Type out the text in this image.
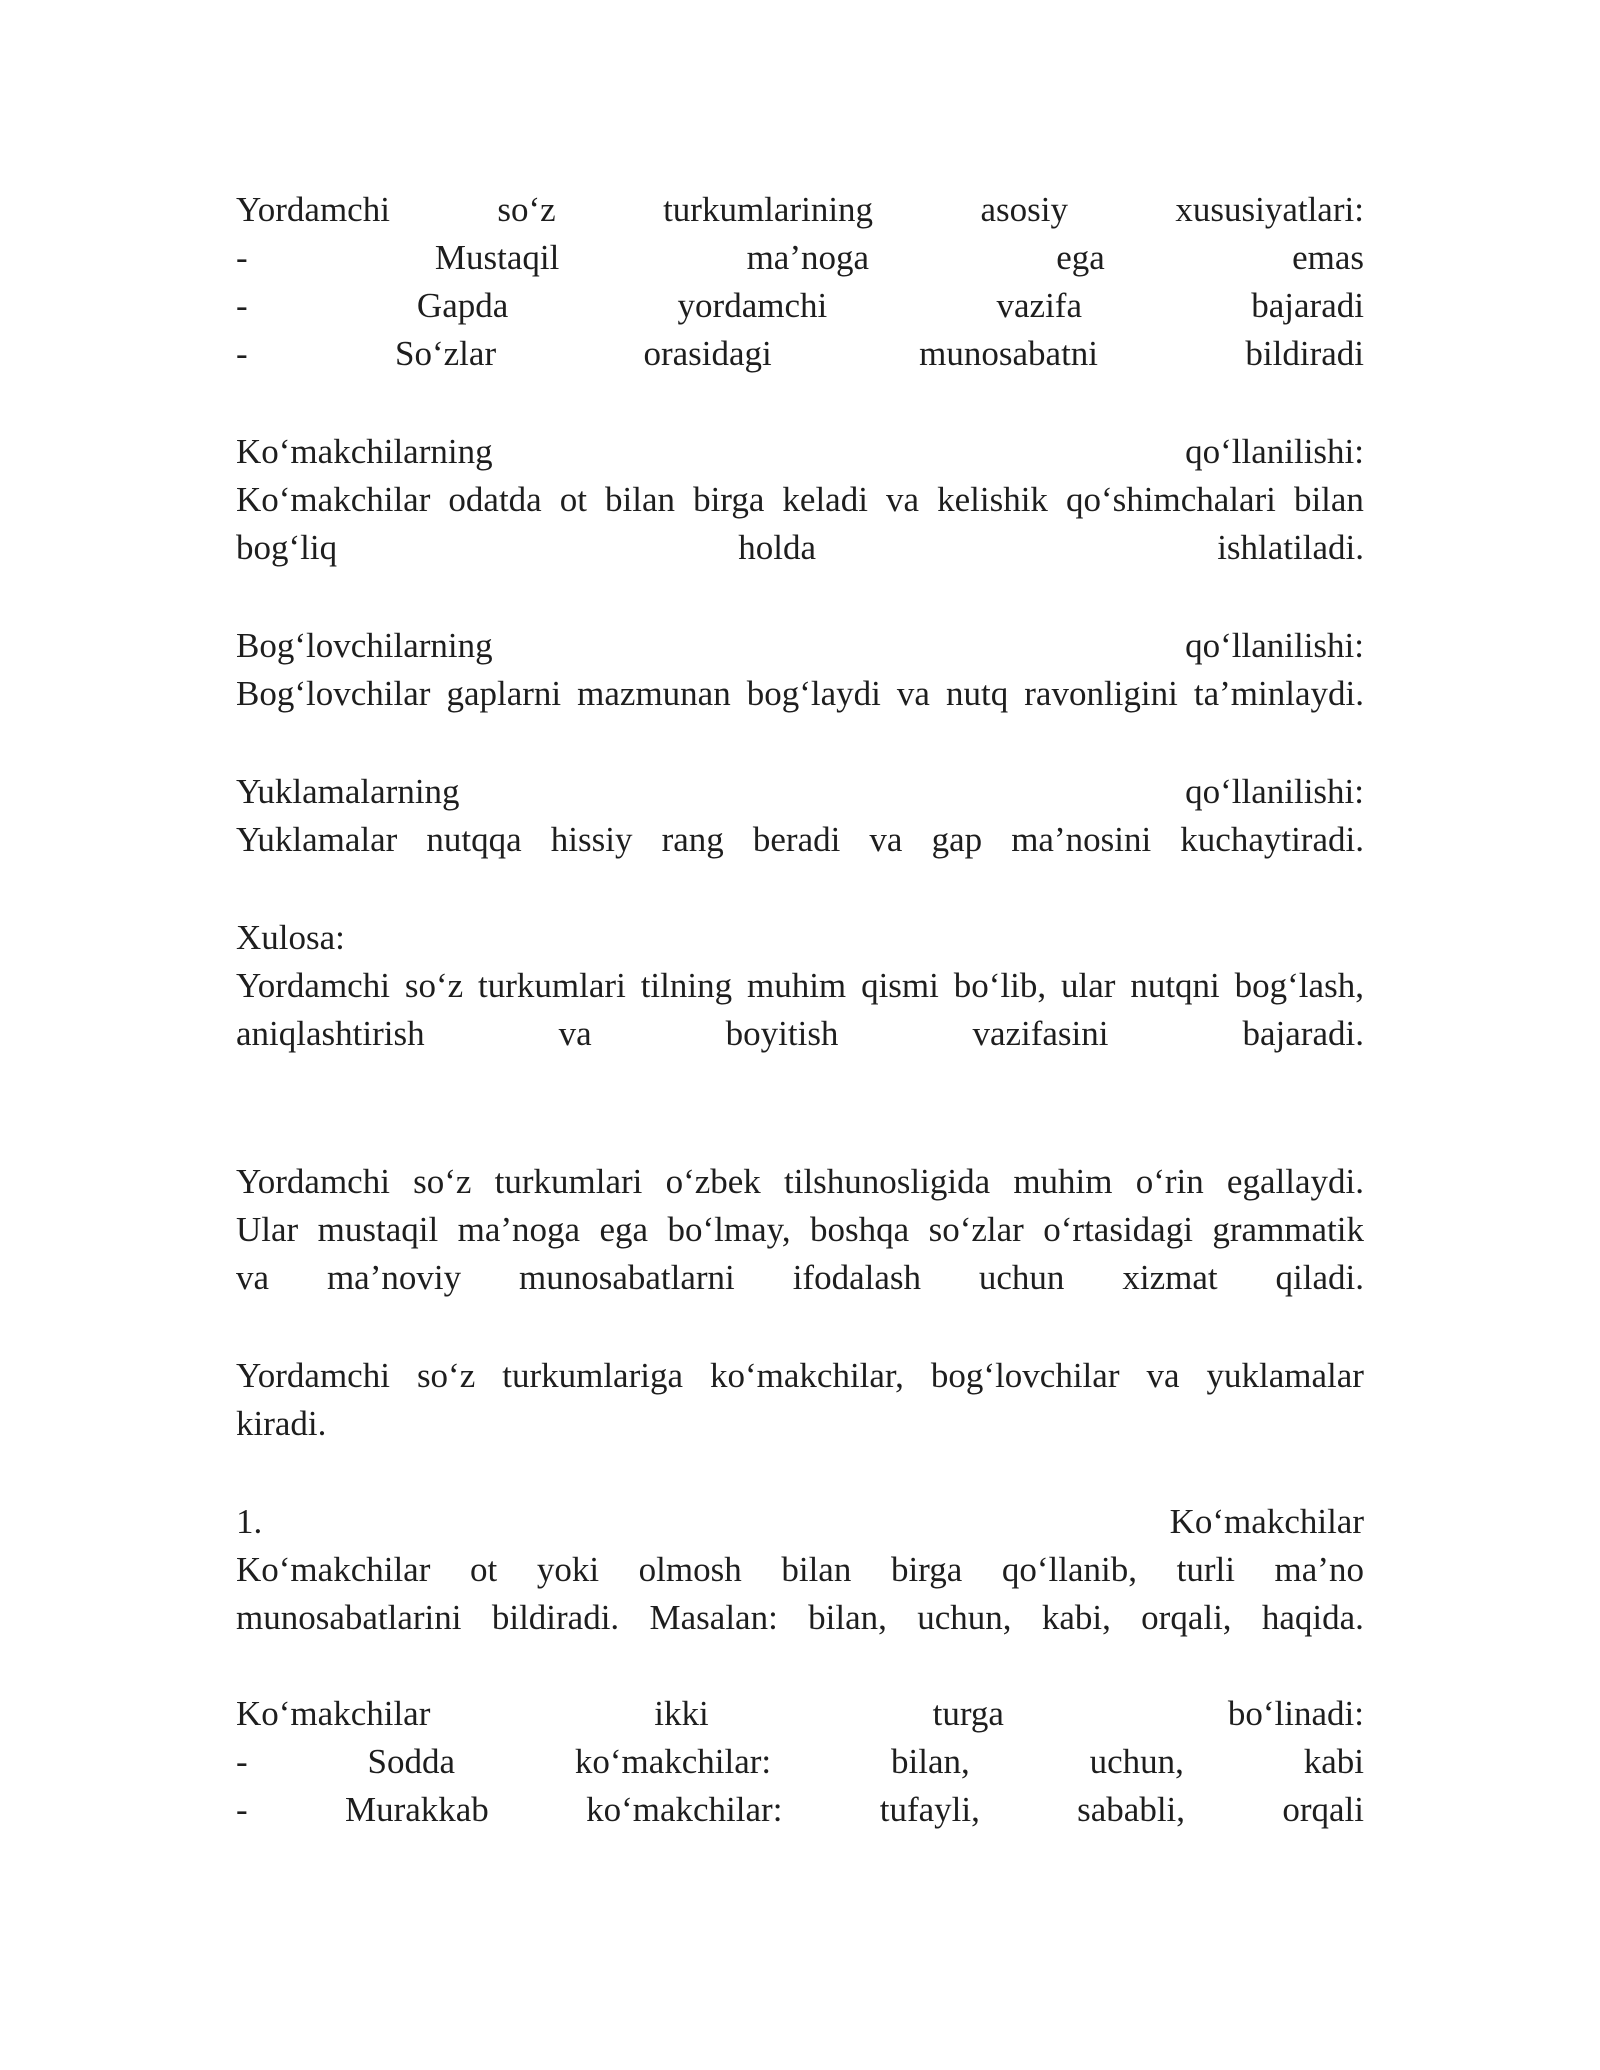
Yordamchi	so‘z	turkumlarining	asosiy	xususiyatlari:
-	Mustaqil	ma’noga	ega	emas
-	Gapda	yordamchi	vazifa	bajaradi
-	So‘zlar	orasidagi	munosabatni	bildiradi
Ko‘makchilarning	qo‘llanilishi:
Ko‘makchilar odatda ot bilan birga keladi va kelishik qo‘shimchalari bilan
bog‘liq	holda	ishlatiladi.
Bog‘lovchilarning	qo‘llanilishi:
Bog‘lovchilar gaplarni mazmunan bog‘laydi va nutq ravonligini ta’minlaydi.
Yuklamalarning	qo‘llanilishi:
Yuklamalar nutqqa hissiy rang beradi va gap ma’nosini kuchaytiradi.
Xulosa:
Yordamchi so‘z turkumlari tilning muhim qismi bo‘lib, ular nutqni bog‘lash,
aniqlashtirish	va	boyitish	vazifasini	bajaradi.
Yordamchi so‘z turkumlari o‘zbek tilshunosligida muhim o‘rin egallaydi.
Ular mustaqil ma’noga ega bo‘lmay, boshqa so‘zlar o‘rtasidagi grammatik
va ma’noviy munosabatlarni ifodalash uchun xizmat qiladi.
Yordamchi so‘z turkumlariga ko‘makchilar, bog‘lovchilar va yuklamalar
kiradi.
1.	Ko‘makchilar
Ko‘makchilar ot yoki olmosh bilan birga qo‘llanib, turli ma’no
munosabatlarini bildiradi. Masalan: bilan, uchun, kabi, orqali, haqida.
Ko‘makchilar	ikki	turga	bo‘linadi:
-	Sodda	ko‘makchilar:	bilan,	uchun,	kabi
-	Murakkab	ko‘makchilar:	tufayli,	sababli,	orqali
